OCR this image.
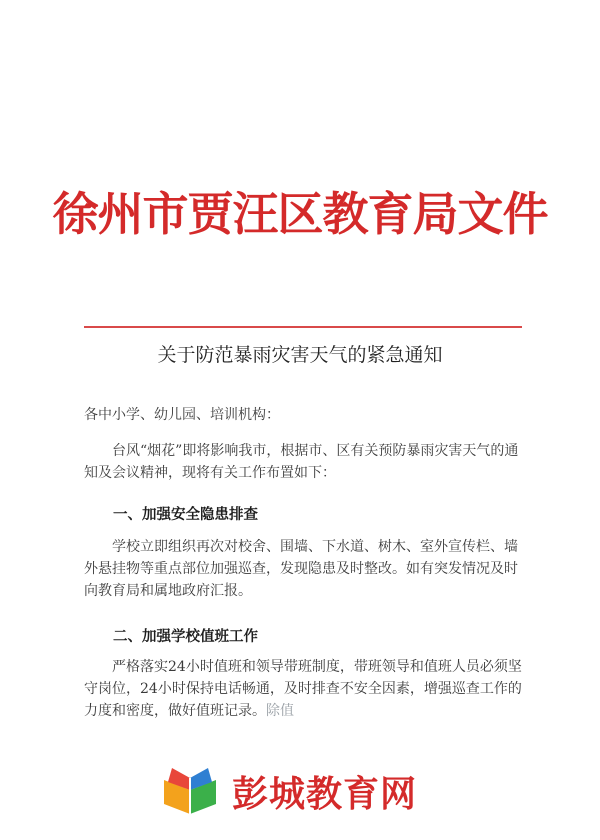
徐州市贾汪区教育局文件
关于防范暴雨灾害天气的紧急通知
各中小学、幼儿园、培训机构：

台风“烟花”即将影响我市，根据市、区有关预防暴雨灾害天气的通知及会议精神，现将有关工作布置如下：

一、加强安全隐患排查

学校立即组织再次对校舍、围墙、下水道、树木、室外宣传栏、墙外悬挂物等重点部位加强巡查，发现隐患及时整改。如有突发情况及时向教育局和属地政府汇报。

二、加强学校值班工作

严格落实24小时值班和领导带班制度，带班领导和值班人员必须坚守岗位，24小时保持电话畅通，及时排查不安全因素，增强巡查工作的力度和密度，做好值班记录。除值

彭城教育网
